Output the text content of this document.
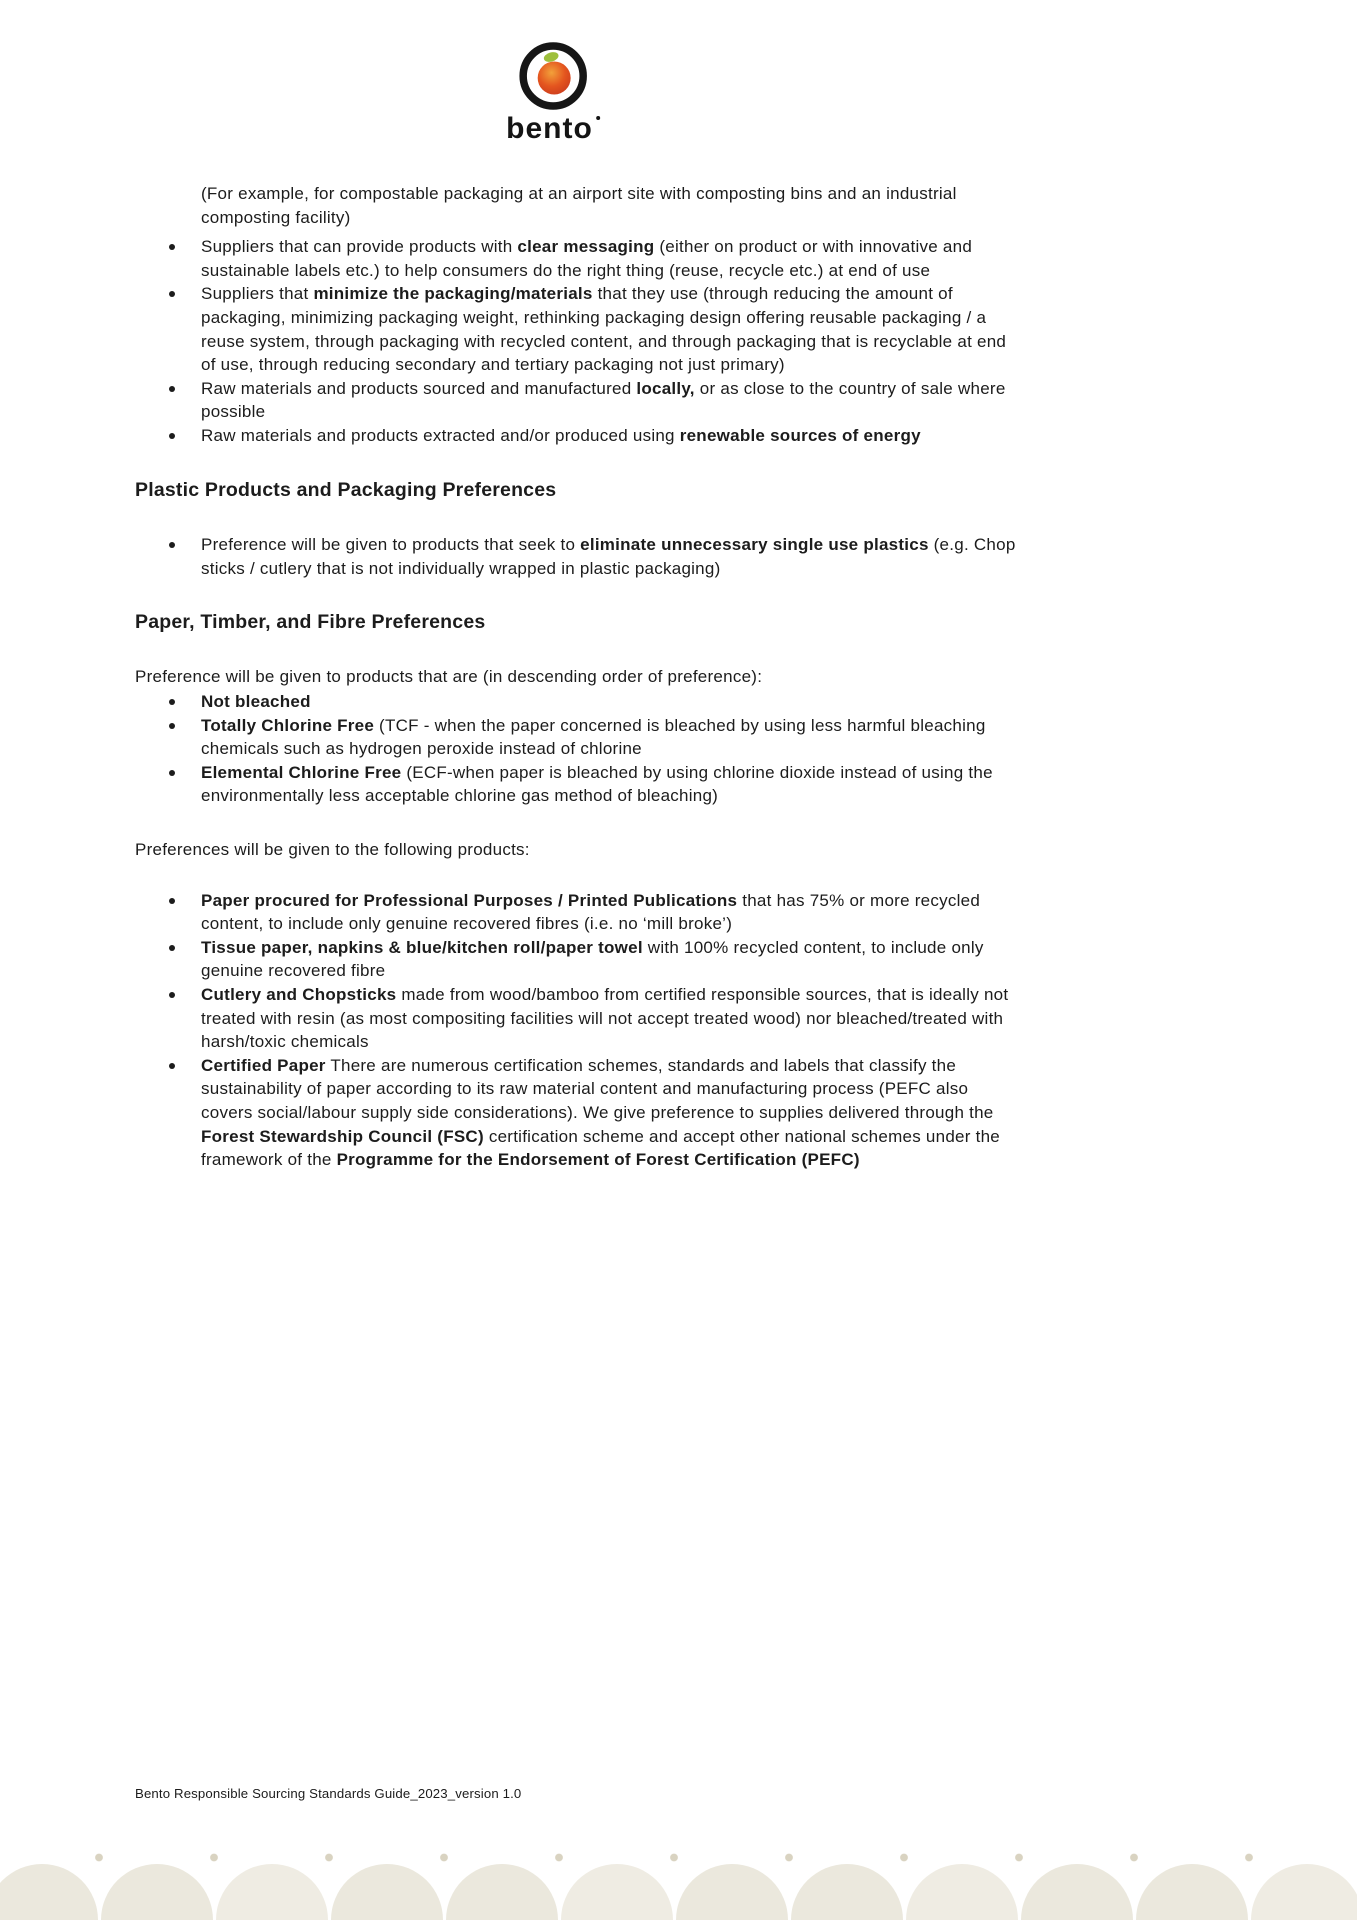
bento

(For example, for compostable packaging at an airport site with composting bins and an industrial composting facility)

Suppliers that can provide products with clear messaging (either on product or with innovative and sustainable labels etc.) to help consumers do the right thing (reuse, recycle etc.) at end of use
Suppliers that minimize the packaging/materials that they use (through reducing the amount of packaging, minimizing packaging weight, rethinking packaging design offering reusable packaging / a reuse system, through packaging with recycled content, and through packaging that is recyclable at end of use, through reducing secondary and tertiary packaging not just primary)
Raw materials and products sourced and manufactured locally, or as close to the country of sale where possible
Raw materials and products extracted and/or produced using renewable sources of energy
Plastic Products and Packaging Preferences
Preference will be given to products that seek to eliminate unnecessary single use plastics (e.g. Chop sticks / cutlery that is not individually wrapped in plastic packaging)
Paper, Timber, and Fibre Preferences

Preference will be given to products that are (in descending order of preference):

Not bleached
Totally Chlorine Free (TCF - when the paper concerned is bleached by using less harmful bleaching chemicals such as hydrogen peroxide instead of chlorine
Elemental Chlorine Free (ECF-when paper is bleached by using chlorine dioxide instead of using the environmentally less acceptable chlorine gas method of bleaching)

Preferences will be given to the following products:

Paper procured for Professional Purposes / Printed Publications that has 75% or more recycled content, to include only genuine recovered fibres (i.e. no ‘mill broke’)
Tissue paper, napkins & blue/kitchen roll/paper towel with 100% recycled content, to include only genuine recovered fibre
Cutlery and Chopsticks made from wood/bamboo from certified responsible sources, that is ideally not treated with resin (as most compositing facilities will not accept treated wood) nor bleached/treated with harsh/toxic chemicals
Certified Paper There are numerous certification schemes, standards and labels that classify the sustainability of paper according to its raw material content and manufacturing process (PEFC also covers social/labour supply side considerations). We give preference to supplies delivered through the Forest Stewardship Council (FSC) certification scheme and accept other national schemes under the framework of the Programme for the Endorsement of Forest Certification (PEFC)
Bento Responsible Sourcing Standards Guide_2023_version 1.0
